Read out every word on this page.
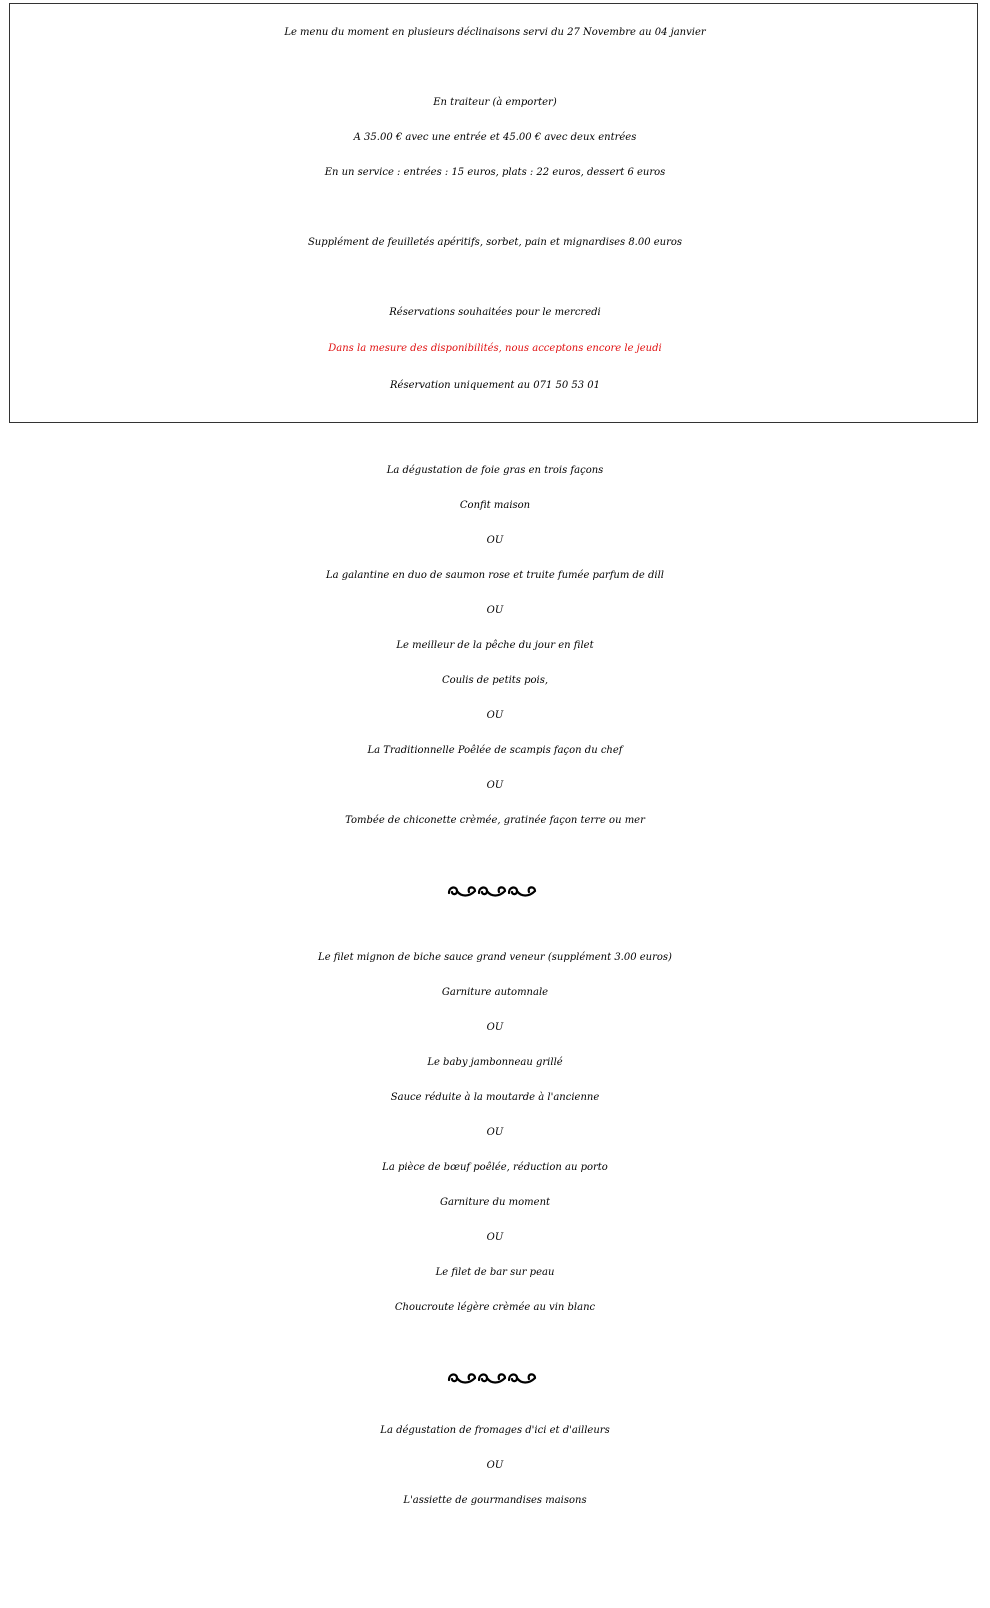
Le menu du moment en plusieurs déclinaisons servi du 27 Novembre au 04 janvier
En traiteur (à emporter)
A 35.00 € avec une entrée et 45.00 € avec deux entrées
En un service : entrées : 15 euros, plats : 22 euros, dessert 6 euros
Supplément de feuilletés apéritifs, sorbet, pain et mignardises 8.00 euros
Réservations souhaitées pour le mercredi
Dans la mesure des disponibilités, nous acceptons encore le jeudi
Réservation uniquement au 071 50 53 01
La dégustation de foie gras en trois façons
Confit maison
OU
La galantine en duo de saumon rose et truite fumée parfum de dill
OU
Le meilleur de la pêche du jour en filet
Coulis de petits pois,
OU
La Traditionnelle Poêlée de scampis façon du chef
OU
Tombée de chiconette crèmée, gratinée façon terre ou mer
Le filet mignon de biche sauce grand veneur (supplément 3.00 euros)
Garniture automnale
OU
Le baby jambonneau grillé
Sauce réduite à la moutarde à l'ancienne
OU
La pièce de bœuf poêlée, réduction au porto
Garniture du moment
OU
Le filet de bar sur peau
Choucroute légère crèmée au vin blanc
La dégustation de fromages d'ici et d'ailleurs
OU
L'assiette de gourmandises maisons
